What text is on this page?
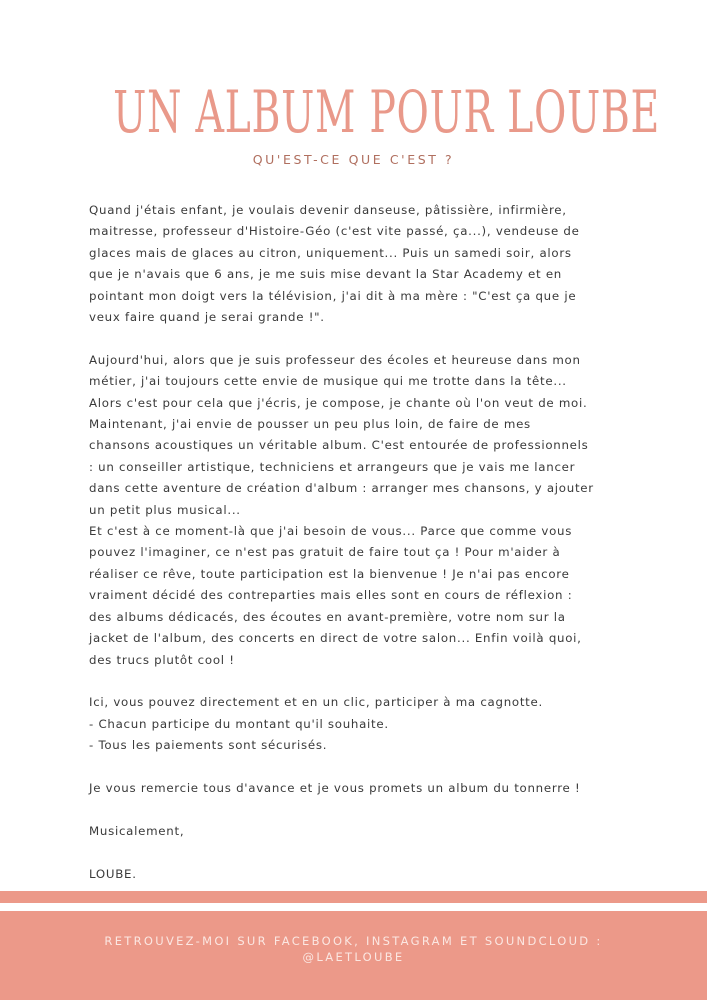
UN ALBUM POUR LOUBE
QU'EST-CE QUE C'EST ?

Quand j'étais enfant, je voulais devenir danseuse, pâtissière, infirmière,
maitresse, professeur d'Histoire-Géo (c'est vite passé, ça...), vendeuse de
glaces mais de glaces au citron, uniquement... Puis un samedi soir, alors
que je n'avais que 6 ans, je me suis mise devant la Star Academy et en
pointant mon doigt vers la télévision, j'ai dit à ma mère : "C'est ça que je
veux faire quand je serai grande !".

Aujourd'hui, alors que je suis professeur des écoles et heureuse dans mon
métier, j'ai toujours cette envie de musique qui me trotte dans la tête...
Alors c'est pour cela que j'écris, je compose, je chante où l'on veut de moi.
Maintenant, j'ai envie de pousser un peu plus loin, de faire de mes
chansons acoustiques un véritable album. C'est entourée de professionnels
: un conseiller artistique, techniciens et arrangeurs que je vais me lancer
dans cette aventure de création d'album : arranger mes chansons, y ajouter
un petit plus musical...

Et c'est à ce moment-là que j'ai besoin de vous... Parce que comme vous
pouvez l'imaginer, ce n'est pas gratuit de faire tout ça ! Pour m'aider à
réaliser ce rêve, toute participation est la bienvenue ! Je n'ai pas encore
vraiment décidé des contreparties mais elles sont en cours de réflexion :
des albums dédicacés, des écoutes en avant-première, votre nom sur la
jacket de l'album, des concerts en direct de votre salon... Enfin voilà quoi,
des trucs plutôt cool !

Ici, vous pouvez directement et en un clic, participer à ma cagnotte.
- Chacun participe du montant qu'il souhaite.
- Tous les paiements sont sécurisés.

Je vous remercie tous d'avance et je vous promets un album du tonnerre !

Musicalement,

LOUBE.

RETROUVEZ-MOI SUR FACEBOOK, INSTAGRAM ET SOUNDCLOUD :
@LAETLOUBE
